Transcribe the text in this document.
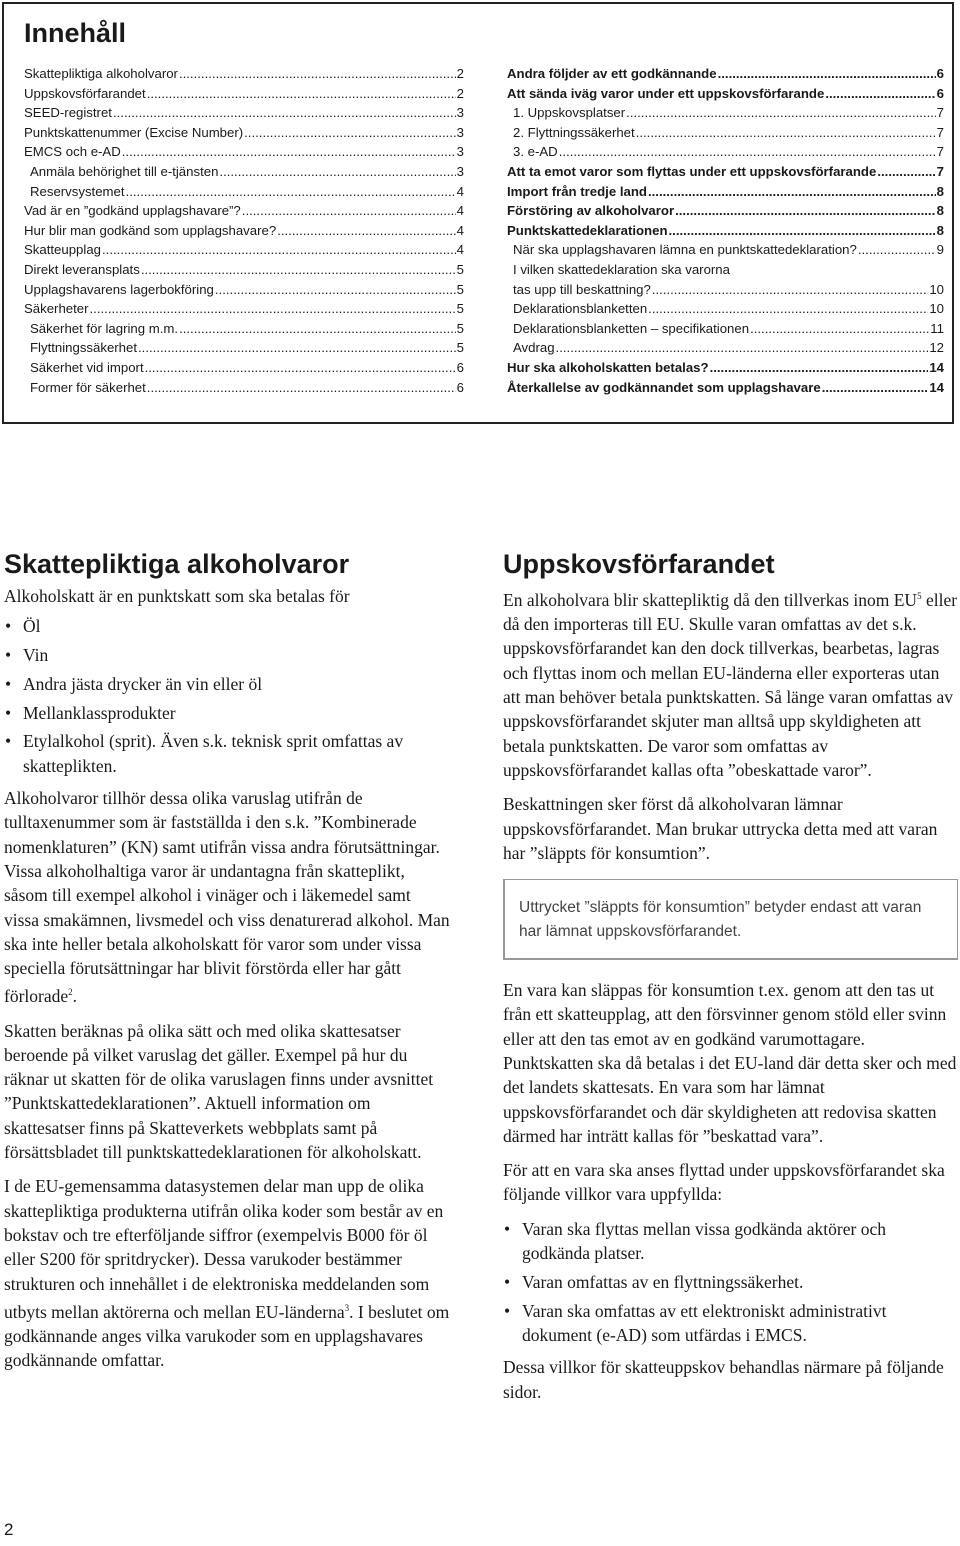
Innehåll
Skattepliktiga alkoholvaror .....	2
Uppskovsförfarandet .....	2
SEED-registret .....	3
Punktskattenummer (Excise Number) .....	3
EMCS och e-AD .....	3
Anmäla behörighet till e-tjänsten .....	3
Reservsystemet .....	4
Vad är en ”godkänd upplagshavare”? .....	4
Hur blir man godkänd som upplagshavare? .....	4
Skatteupplag .....	4
Direkt leveransplats .....	5
Upplagshavarens lagerbokföring .....	5
Säkerheter .....	5
Säkerhet för lagring m.m. .....	5
Flyttningssäkerhet .....	5
Säkerhet vid import .....	6
Former för säkerhet .....	6
Andra följder av ett godkännande .....	6
Att sända iväg varor under ett uppskovsförfarande .....	6
1. Uppskovsplatser .....	7
2. Flyttningssäkerhet .....	7
3. e-AD .....	7
Att ta emot varor som flyttas under ett uppskovsförfarande .....	7
Import från tredje land .....	8
Förstöring av alkoholvaror .....	8
Punktskattedeklarationen .....	8
När ska upplagshavaren lämna en punktskattedeklaration? .....	9
I vilken skattedeklaration ska varorna
tas upp till beskattning? .....	10
Deklarationsblanketten .....	10
Deklarationsblanketten – specifikationen .....	11
Avdrag .....	12
Hur ska alkoholskatten betalas? .....	14
Återkallelse av godkännandet som upplagshavare .....	14
Skattepliktiga alkoholvaror

Alkoholskatt är en punktskatt som ska betalas för

• Öl
• Vin
• Andra jästa drycker än vin eller öl
• Mellanklassprodukter
• Etylalkohol (sprit). Även s.k. teknisk sprit omfattas av skatteplikten.

Alkoholvaror tillhör dessa olika varuslag utifrån de tulltaxenummer som är fastställda i den s.k. ”Kombinerade nomenklaturen” (KN) samt utifrån vissa andra förutsättningar. Vissa alkoholhaltiga varor är undantagna från skatteplikt, såsom till exempel alkohol i vinäger och i läkemedel samt vissa smakämnen, livsmedel och viss denaturerad alkohol. Man ska inte heller betala alkoholskatt för varor som under vissa speciella förutsättningar har blivit förstörda eller har gått förlorade$^2$.

Skatten beräknas på olika sätt och med olika skattesatser beroende på vilket varuslag det gäller. Exempel på hur du räknar ut skatten för de olika varuslagen finns under avsnittet ”Punktskattedeklarationen”. Aktuell information om skattesatser finns på Skatteverkets webbplats samt på försättsbladet till punktskattedeklarationen för alkoholskatt.

I de EU-gemensamma datasystemen delar man upp de olika skattepliktiga produkterna utifrån olika koder som består av en bokstav och tre efterföljande siffror (exempelvis B000 för öl eller S200 för spritdrycker). Dessa varukoder bestämmer strukturen och innehållet i de elektroniska meddelanden som utbyts mellan aktörerna och mellan EU-länderna$^3$. I beslutet om godkännande anges vilka varukoder som en upplagshavares godkännande omfattar.

Uppskovsförfarandet

En alkoholvara blir skattepliktig då den tillverkas inom $EU^5$ eller då den importeras till EU. Skulle varan omfattas av det s.k. uppskovsförfarandet kan den dock tillverkas, bearbetas, lagras och flyttas inom och mellan EU-länderna eller exporteras utan att man behöver betala punktskatten. Så länge varan omfattas av uppskovsförfarandet skjuter man alltså upp skyldigheten att betala punktskatten. De varor som omfattas av uppskovsförfarandet kallas ofta ”obeskattade varor”.

Beskattningen sker först då alkoholvaran lämnar uppskovsförfarandet. Man brukar uttrycka detta med att varan har ”släppts för konsumtion”.

Uttrycket ”släppts för konsumtion” betyder endast att varan har lämnat uppskovsförfarandet.

En vara kan släppas för konsumtion t.ex. genom att den tas ut från ett skatteupplag, att den försvinner genom stöld eller svinn eller att den tas emot av en godkänd varumottagare. Punktskatten ska då betalas i det EU-land där detta sker och med det landets skattesats. En vara som har lämnat uppskovsförfarandet och där skyldigheten att redovisa skatten därmed har inträtt kallas för ”beskattad vara”.

För att en vara ska anses flyttad under uppskovsförfarandet ska följande villkor vara uppfyllda:

• Varan ska flyttas mellan vissa godkända aktörer och godkända platser.
• Varan omfattas av en flyttningssäkerhet.
• Varan ska omfattas av ett elektroniskt administrativt dokument (e-AD) som utfärdas i EMCS.

Dessa villkor för skatteuppskov behandlas närmare på följande sidor.

2
